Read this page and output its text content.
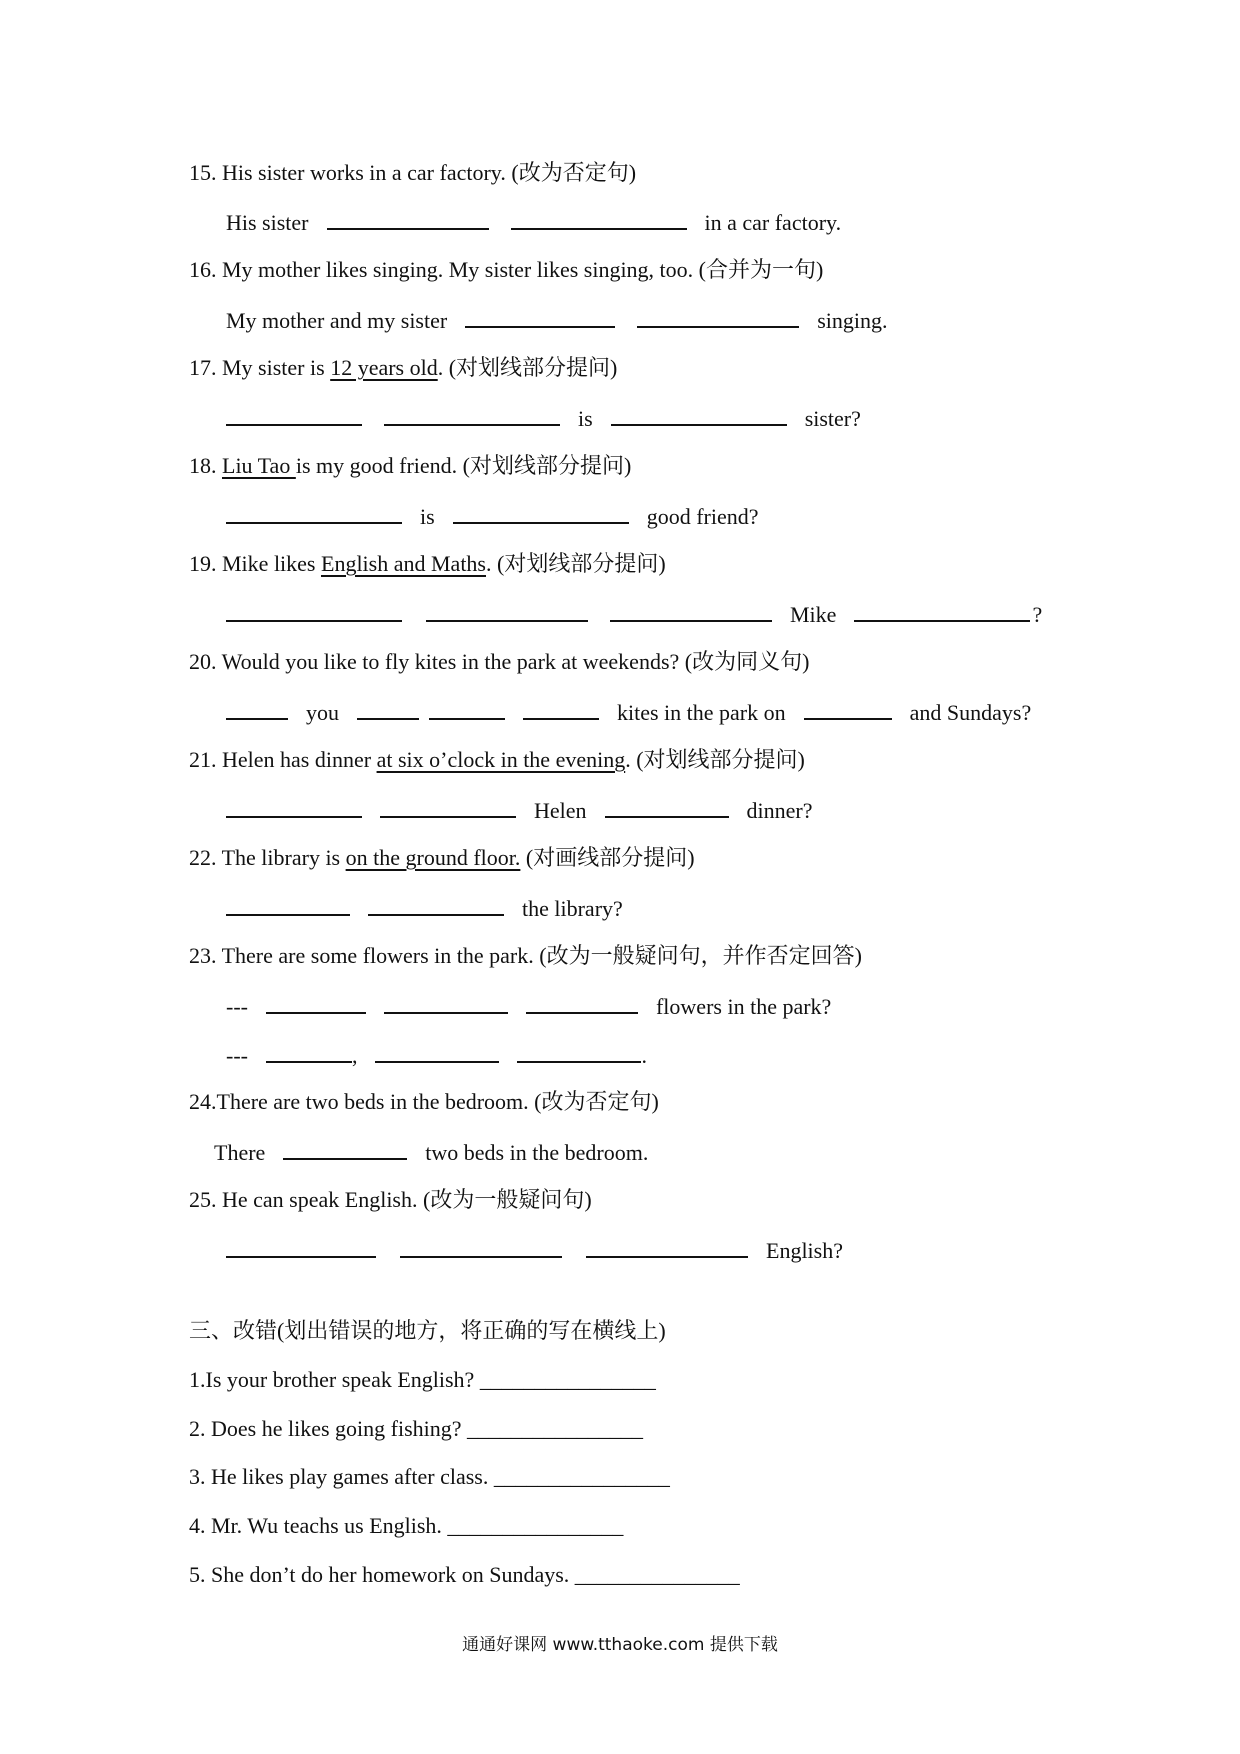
15. His sister works in a car factory. (改为否定句)
His sister	in a car factory.
16. My mother likes singing. My sister likes singing, too. (合并为一句)
My mother and my sister	singing.
17. My sister is 12 years old. (对划线部分提问)
is	sister?
18. Liu Tao is my good friend. (对划线部分提问)
is	good friend?
19. Mike likes English and Maths. (对划线部分提问)
Mike	?
20. Would you like to fly kites in the park at weekends? (改为同义句)
you	kites in the park on	and Sundays?
21. Helen has dinner at six o’clock in the evening. (对划线部分提问)
Helen	dinner?
22. The library is on the ground floor. (对画线部分提问)
the library?
23. There are some flowers in the park. (改为一般疑问句，并作否定回答)
---	flowers in the park?
---	,	.
24.There are two beds in the bedroom. (改为否定句)
There	two beds in the bedroom.
25. He can speak English. (改为一般疑问句)
English?
三、改错(划出错误的地方，将正确的写在横线上)
1.Is your brother speak English? ________________
2. Does he likes going fishing? ________________
3. He likes play games after class. ________________
4. Mr. Wu teachs us English. ________________
5. She don’t do her homework on Sundays. _______________
通通好课网 www.tthaoke.com 提供下载
